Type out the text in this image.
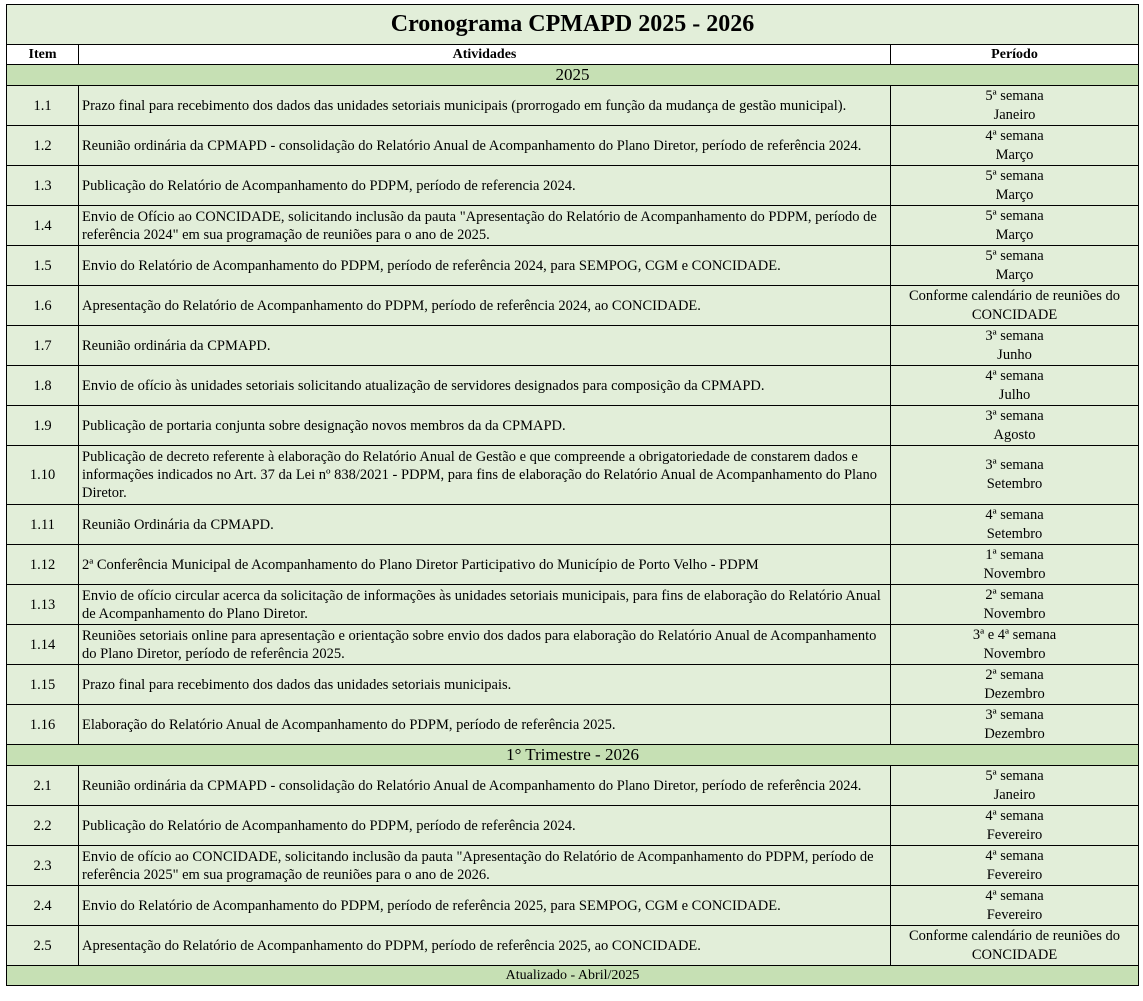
Cronograma CPMAPD 2025 - 2026		
Item	Atividades	Período
2025		
1.1	Prazo final para recebimento dos dados das unidades setoriais municipais (prorrogado em função da mudança de gestão municipal).	5ª semana
Janeiro

1.2	Reunião ordinária da CPMAPD - consolidação do Relatório Anual de Acompanhamento do Plano Diretor, período de referência 2024.	4ª semana
Março

1.3	Publicação do Relatório de Acompanhamento do PDPM, período de referencia 2024.	5ª semana
Março

1.4	Envio de Ofício ao CONCIDADE, solicitando inclusão da pauta "Apresentação do Relatório de Acompanhamento do PDPM, período de referência 2024" em sua programação de reuniões para o ano de 2025.	5ª semana
Março

1.5	Envio do Relatório de Acompanhamento do PDPM, período de referência 2024, para SEMPOG, CGM e CONCIDADE.	5ª semana
Março

1.6	Apresentação do Relatório de Acompanhamento do PDPM, período de referência 2024, ao CONCIDADE.	Conforme calendário de reuniões do
CONCIDADE

1.7	Reunião ordinária da CPMAPD.	3ª semana
Junho

1.8	Envio de ofício às unidades setoriais solicitando atualização de servidores designados para composição da CPMAPD.	4ª semana
Julho

1.9	Publicação de portaria conjunta sobre designação novos membros da da CPMAPD.	3ª semana
Agosto

1.10	Publicação de decreto referente à elaboração do Relatório Anual de Gestão e que compreende a obrigatoriedade de constarem dados e informações indicados no Art. 37 da Lei nº 838/2021 - PDPM, para fins de elaboração do Relatório Anual de Acompanhamento do Plano Diretor.	3ª semana
Setembro

1.11	Reunião Ordinária da CPMAPD.	4ª semana
Setembro

1.12	2ª Conferência Municipal de Acompanhamento do Plano Diretor Participativo do Município de Porto Velho - PDPM	1ª semana
Novembro

1.13	Envio de ofício circular acerca da solicitação de informações às unidades setoriais municipais, para fins de elaboração do Relatório Anual de Acompanhamento do Plano Diretor.	2ª semana
Novembro

1.14	Reuniões setoriais online para apresentação e orientação sobre envio dos dados para elaboração do Relatório Anual de Acompanhamento do Plano Diretor, período de referência 2025.	3ª e 4ª semana
Novembro

1.15	Prazo final para recebimento dos dados das unidades setoriais municipais.	2ª semana
Dezembro

1.16	Elaboração do Relatório Anual de Acompanhamento do PDPM, período de referência 2025.	3ª semana
Dezembro

1° Trimestre - 2026		
2.1	Reunião ordinária da CPMAPD - consolidação do Relatório Anual de Acompanhamento do Plano Diretor, período de referência 2024.	5ª semana
Janeiro

2.2	Publicação do Relatório de Acompanhamento do PDPM, período de referência 2024.	4ª semana
Fevereiro

2.3	Envio de ofício ao CONCIDADE, solicitando inclusão da pauta "Apresentação do Relatório de Acompanhamento do PDPM, período de referência 2025" em sua programação de reuniões para o ano de 2026.	4ª semana
Fevereiro

2.4	Envio do Relatório de Acompanhamento do PDPM, período de referência 2025, para SEMPOG, CGM e CONCIDADE.	4ª semana
Fevereiro

2.5	Apresentação do Relatório de Acompanhamento do PDPM, período de referência 2025, ao CONCIDADE.	Conforme calendário de reuniões do
CONCIDADE

Atualizado - Abril/2025		
